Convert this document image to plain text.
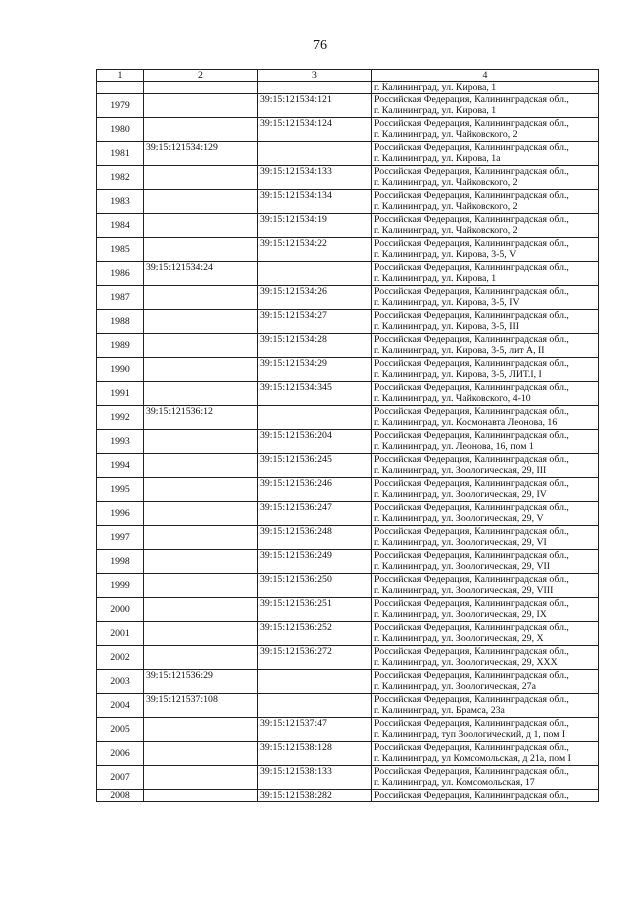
76
1	2	3	4
			г. Калининград, ул. Кирова, 1
1979		39:15:121534:121	Российская Федерация, Калининградская обл.,
г. Калининград, ул. Кирова, 1

1980		39:15:121534:124	Российская Федерация, Калининградская обл.,
г. Калининград, ул. Чайковского, 2

1981	39:15:121534:129		Российская Федерация, Калининградская обл.,
г. Калининград, ул. Кирова, 1а

1982		39:15:121534:133	Российская Федерация, Калининградская обл.,
г. Калининград, ул. Чайковского, 2

1983		39:15:121534:134	Российская Федерация, Калининградская обл.,
г. Калининград, ул. Чайковского, 2

1984		39:15:121534:19	Российская Федерация, Калининградская обл.,
г. Калининград, ул. Чайковского, 2

1985		39:15:121534:22	Российская Федерация, Калининградская обл.,
г. Калининград, ул. Кирова, 3-5, V

1986	39:15:121534:24		Российская Федерация, Калининградская обл.,
г. Калининград, ул. Кирова, 1

1987		39:15:121534:26	Российская Федерация, Калининградская обл.,
г. Калининград, ул. Кирова, 3-5, IV

1988		39:15:121534:27	Российская Федерация, Калининградская обл.,
г. Калининград, ул. Кирова, 3-5, III

1989		39:15:121534:28	Российская Федерация, Калининградская обл.,
г. Калининград, ул. Кирова, 3-5, лит А, II

1990		39:15:121534:29	Российская Федерация, Калининградская обл.,
г. Калининград, ул. Кирова, 3-5, ЛИТ.I, I

1991		39:15:121534:345	Российская Федерация, Калининградская обл.,
г. Калининград, ул. Чайковского, 4-10

1992	39:15:121536:12		Российская Федерация, Калининградская обл.,
г. Калининград, ул. Космонавта Леонова, 16

1993		39:15:121536:204	Российская Федерация, Калининградская обл.,
г. Калининград, ул. Леонова, 16, пом 1

1994		39:15:121536:245	Российская Федерация, Калининградская обл.,
г. Калининград, ул. Зоологическая, 29, III

1995		39:15:121536:246	Российская Федерация, Калининградская обл.,
г. Калининград, ул. Зоологическая, 29, IV

1996		39:15:121536:247	Российская Федерация, Калининградская обл.,
г. Калининград, ул. Зоологическая, 29, V

1997		39:15:121536:248	Российская Федерация, Калининградская обл.,
г. Калининград, ул. Зоологическая, 29, VI

1998		39:15:121536:249	Российская Федерация, Калининградская обл.,
г. Калининград, ул. Зоологическая, 29, VII

1999		39:15:121536:250	Российская Федерация, Калининградская обл.,
г. Калининград, ул. Зоологическая, 29, VIII

2000		39:15:121536:251	Российская Федерация, Калининградская обл.,
г. Калининград, ул. Зоологическая, 29, IX

2001		39:15:121536:252	Российская Федерация, Калининградская обл.,
г. Калининград, ул. Зоологическая, 29, X

2002		39:15:121536:272	Российская Федерация, Калининградская обл.,
г. Калининград, ул. Зоологическая, 29, XXX

2003	39:15:121536:29		Российская Федерация, Калининградская обл.,
г. Калининград, ул. Зоологическая, 27а

2004	39:15:121537:108		Российская Федерация, Калининградская обл.,
г. Калининград, ул. Брамса, 23а

2005		39:15:121537:47	Российская Федерация, Калининградская обл.,
г. Калининград, туп Зоологический, д 1, пом I

2006		39:15:121538:128	Российская Федерация, Калининградская обл.,
г. Калининград, ул Комсомольская, д 21а, пом I

2007		39:15:121538:133	Российская Федерация, Калининградская обл.,
г. Калининград, ул. Комсомольская, 17

2008		39:15:121538:282	Российская Федерация, Калининградская обл.,
